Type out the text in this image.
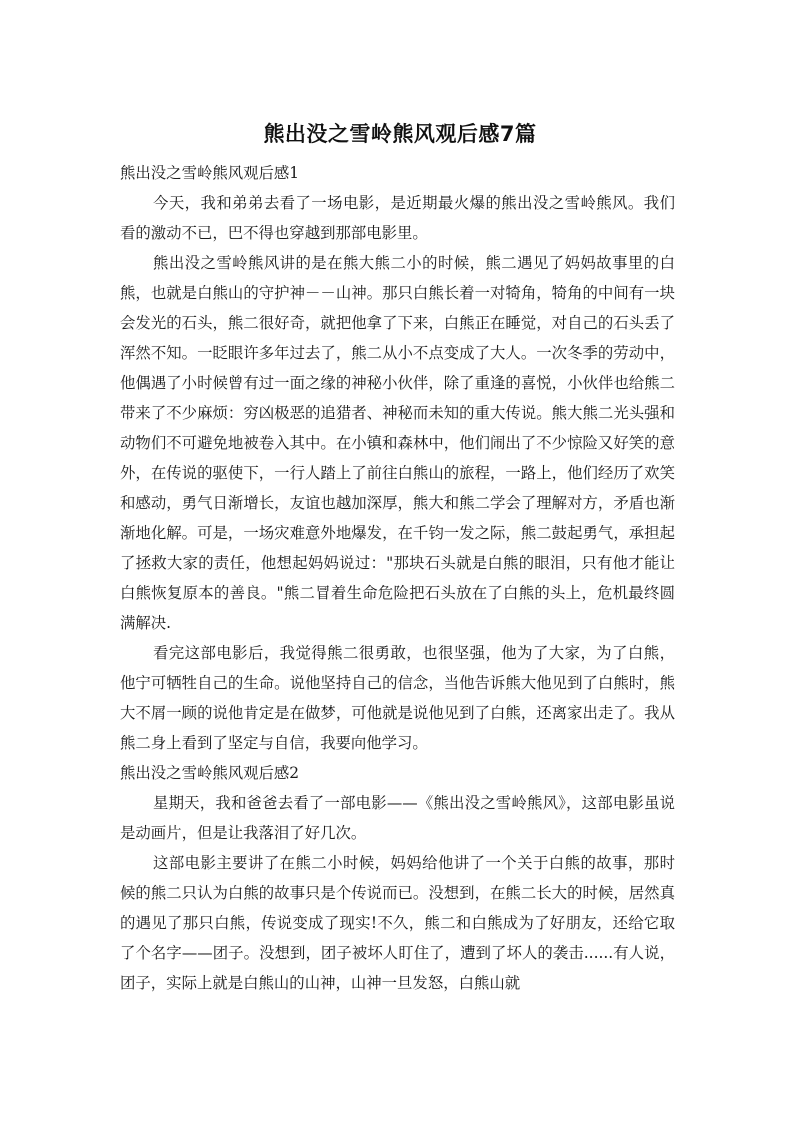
熊出没之雪岭熊风观后感7篇

熊出没之雪岭熊风观后感1

今天，我和弟弟去看了一场电影，是近期最火爆的熊出没之雪岭熊风。我们看的激动不已，巴不得也穿越到那部电影里。

熊出没之雪岭熊风讲的是在熊大熊二小的时候，熊二遇见了妈妈故事里的白熊，也就是白熊山的守护神－－山神。那只白熊长着一对犄角，犄角的中间有一块会发光的石头，熊二很好奇，就把他拿了下来，白熊正在睡觉，对自己的石头丢了浑然不知。一眨眼许多年过去了，熊二从小不点变成了大人。一次冬季的劳动中，他偶遇了小时候曾有过一面之缘的神秘小伙伴，除了重逢的喜悦，小伙伴也给熊二带来了不少麻烦：穷凶极恶的追猎者、神秘而未知的重大传说。熊大熊二光头强和动物们不可避免地被卷入其中。在小镇和森林中，他们闹出了不少惊险又好笑的意外，在传说的驱使下，一行人踏上了前往白熊山的旅程，一路上，他们经历了欢笑和感动，勇气日渐增长，友谊也越加深厚，熊大和熊二学会了理解对方，矛盾也渐渐地化解。可是，一场灾难意外地爆发，在千钧一发之际，熊二鼓起勇气，承担起了拯救大家的责任，他想起妈妈说过："那块石头就是白熊的眼泪，只有他才能让白熊恢复原本的善良。"熊二冒着生命危险把石头放在了白熊的头上，危机最终圆满解决.

看完这部电影后，我觉得熊二很勇敢，也很坚强，他为了大家，为了白熊，他宁可牺牲自己的生命。说他坚持自己的信念，当他告诉熊大他见到了白熊时，熊大不屑一顾的说他肯定是在做梦，可他就是说他见到了白熊，还离家出走了。我从熊二身上看到了坚定与自信，我要向他学习。

熊出没之雪岭熊风观后感2

星期天，我和爸爸去看了一部电影——《熊出没之雪岭熊风》，这部电影虽说是动画片，但是让我落泪了好几次。

这部电影主要讲了在熊二小时候，妈妈给他讲了一个关于白熊的故事，那时候的熊二只认为白熊的故事只是个传说而已。没想到，在熊二长大的时候，居然真的遇见了那只白熊，传说变成了现实!不久，熊二和白熊成为了好朋友，还给它取了个名字——团子。没想到，团子被坏人盯住了，遭到了坏人的袭击......有人说，团子，实际上就是白熊山的山神，山神一旦发怒，白熊山就
